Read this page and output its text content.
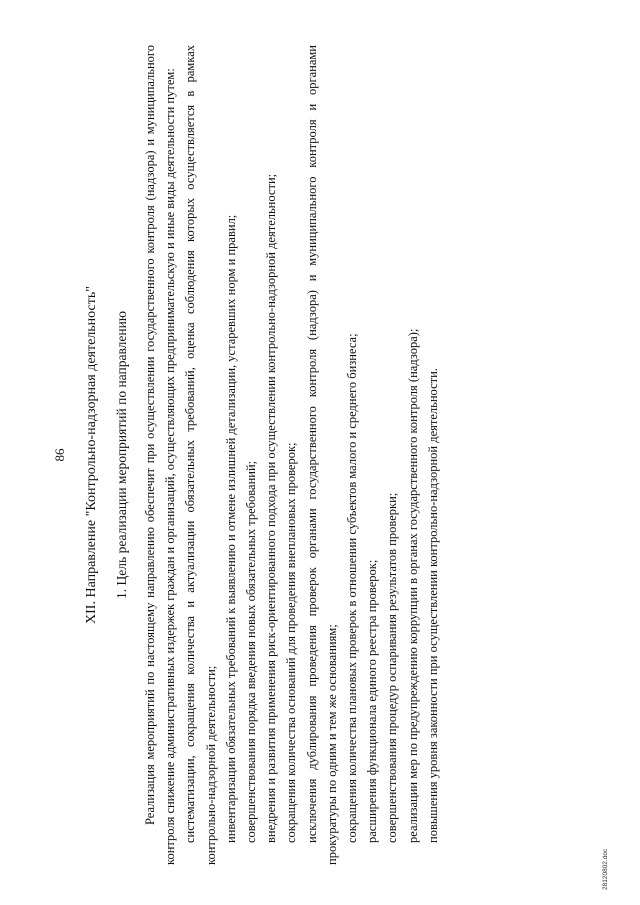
86	XII. Направление "Контрольно-надзорная деятельность"	1. Цель реализации мероприятий по направлению	Реализация мероприятий по настоящему направлению обеспечит при осуществлении государственного контроля (надзора) и муниципального контроля снижение административных издержек граждан и организаций, осуществляющих предпринимательскую и иные виды деятельности путем: систематизации, сокращения количества и актуализации обязательных требований, оценка соблюдения которых осуществляется в рамках контрольно-надзорной деятельности; инвентаризации обязательных требований к выявлению и отмене излишней детализации, устаревших норм и правил; совершенствования порядка введения новых обязательных требований; внедрения и развития применения риск-ориентированного подхода при осуществлении контрольно-надзорной деятельности; сокращения количества оснований для проведения внеплановых проверок; исключения дублирования проведения проверок органами государственного контроля (надзора) и муниципального контроля и органами прокуратуры по одним и тем же основаниям; сокращения количества плановых проверок в отношении субъектов малого и среднего бизнеса; расширения функционала единого реестра проверок; совершенствования процедур оспаривания результатов проверки; реализации мер по предупреждению коррупции в органах государственного контроля (надзора); повышения уровня законности при осуществлении контрольно-надзорной деятельности.

28120802.doc
